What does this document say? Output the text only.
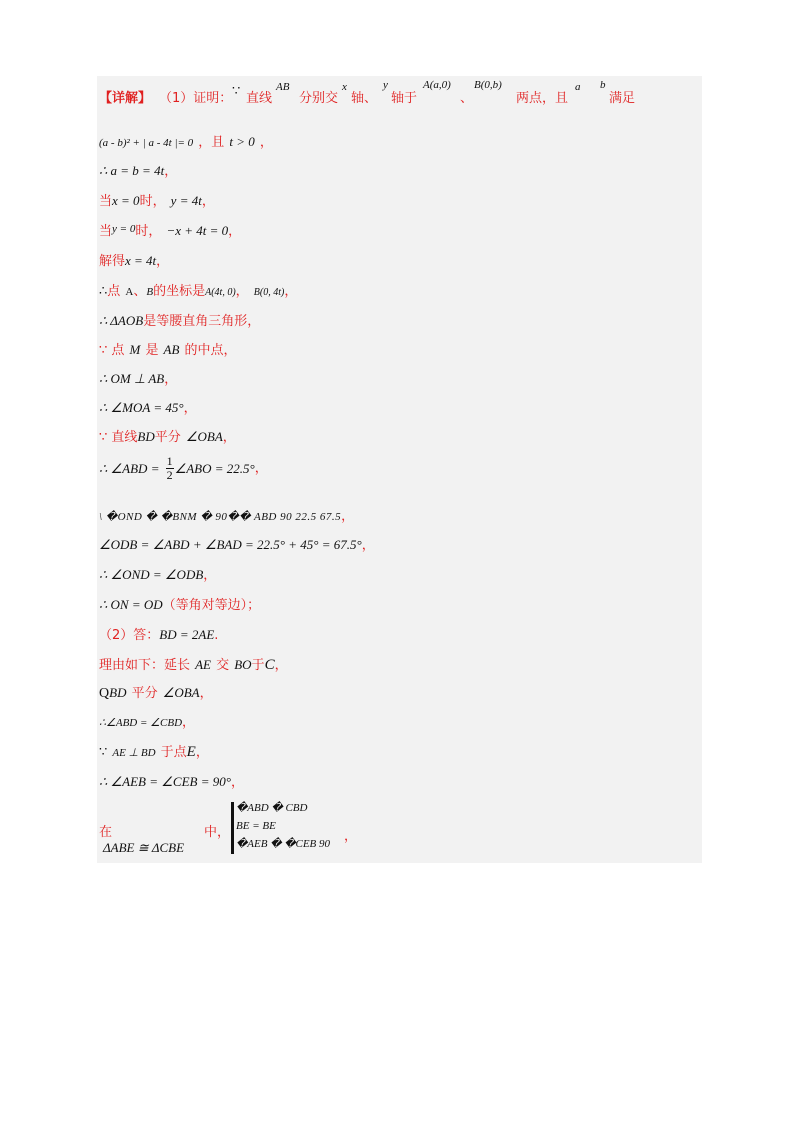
【详解】 （1）证明：
∵
直线
AB
分别交
x
轴、
y
轴于
A(a,0)
、
B(0,b)
两点，且
a b
满足
(a - b)² + | a - 4t |= 0 ，且 t > 0 ，
∴ a = b = 4t，
当x = 0时， y = 4t，
当y = 0时， −x + 4t = 0，
解得x = 4t，
∴点 A、B的坐标是A(4t, 0)， B(0, 4t)，
∴ ΔAOB是等腰直角三角形，
∵ 点 M 是 AB 的中点，
∴ OM ⊥ AB，
∴ ∠MOA = 45°，
∵ 直线BD平分 ∠OBA，
∴ ∠ABD = $\frac{1}{2}$ ∠ABO = 22.5°，
\ �OND � �BNM � 90�� ABD 90 22.5 67.5，
∠ODB = ∠ABD + ∠BAD = 22.5° + 45° = 67.5°，
∴ ∠OND = ∠ODB，
∴ ON = OD（等角对等边）；
（2）答：BD = 2AE.
理由如下：延长 AE 交 BO于C，
QBD 平分 ∠OBA，
∴∠ABD = ∠CBD，
∵ AE ⊥ BD 于点E，
∴ ∠AEB = ∠CEB = 90°，
在
ΔABE ≅ ΔCBE
中，
�ABD � CBD
BE = BE
�AEB � �CEB 90 ，
